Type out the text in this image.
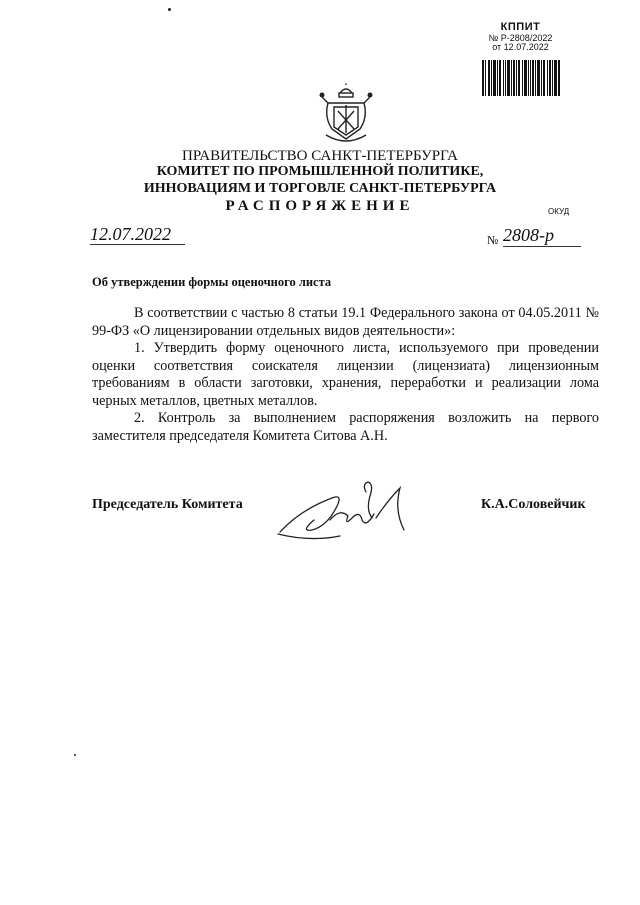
КППИТ
№ Р-2808/2022
от 12.07.2022
ПРАВИТЕЛЬСТВО САНКТ-ПЕТЕРБУРГА
КОМИТЕТ ПО ПРОМЫШЛЕННОЙ ПОЛИТИКЕ,
ИННОВАЦИЯМ И ТОРГОВЛЕ САНКТ-ПЕТЕРБУРГА
РАСПОРЯЖЕНИЕ	ОКУД
12.07.2022	№ 2808-р
Об утверждении формы оценочного листа

В соответствии с частью 8 статьи 19.1 Федерального закона от 04.05.2011 № 99-ФЗ «О лицензировании отдельных видов деятельности»:

1. Утвердить форму оценочного листа, используемого при проведении оценки соответствия соискателя лицензии (лицензиата) лицензионным требованиям в области заготовки, хранения, переработки и реализации лома черных металлов, цветных металлов.

2. Контроль за выполнением распоряжения возложить на первого заместителя председателя Комитета Ситова А.Н.

Председатель Комитета	К.А.Соловейчик
